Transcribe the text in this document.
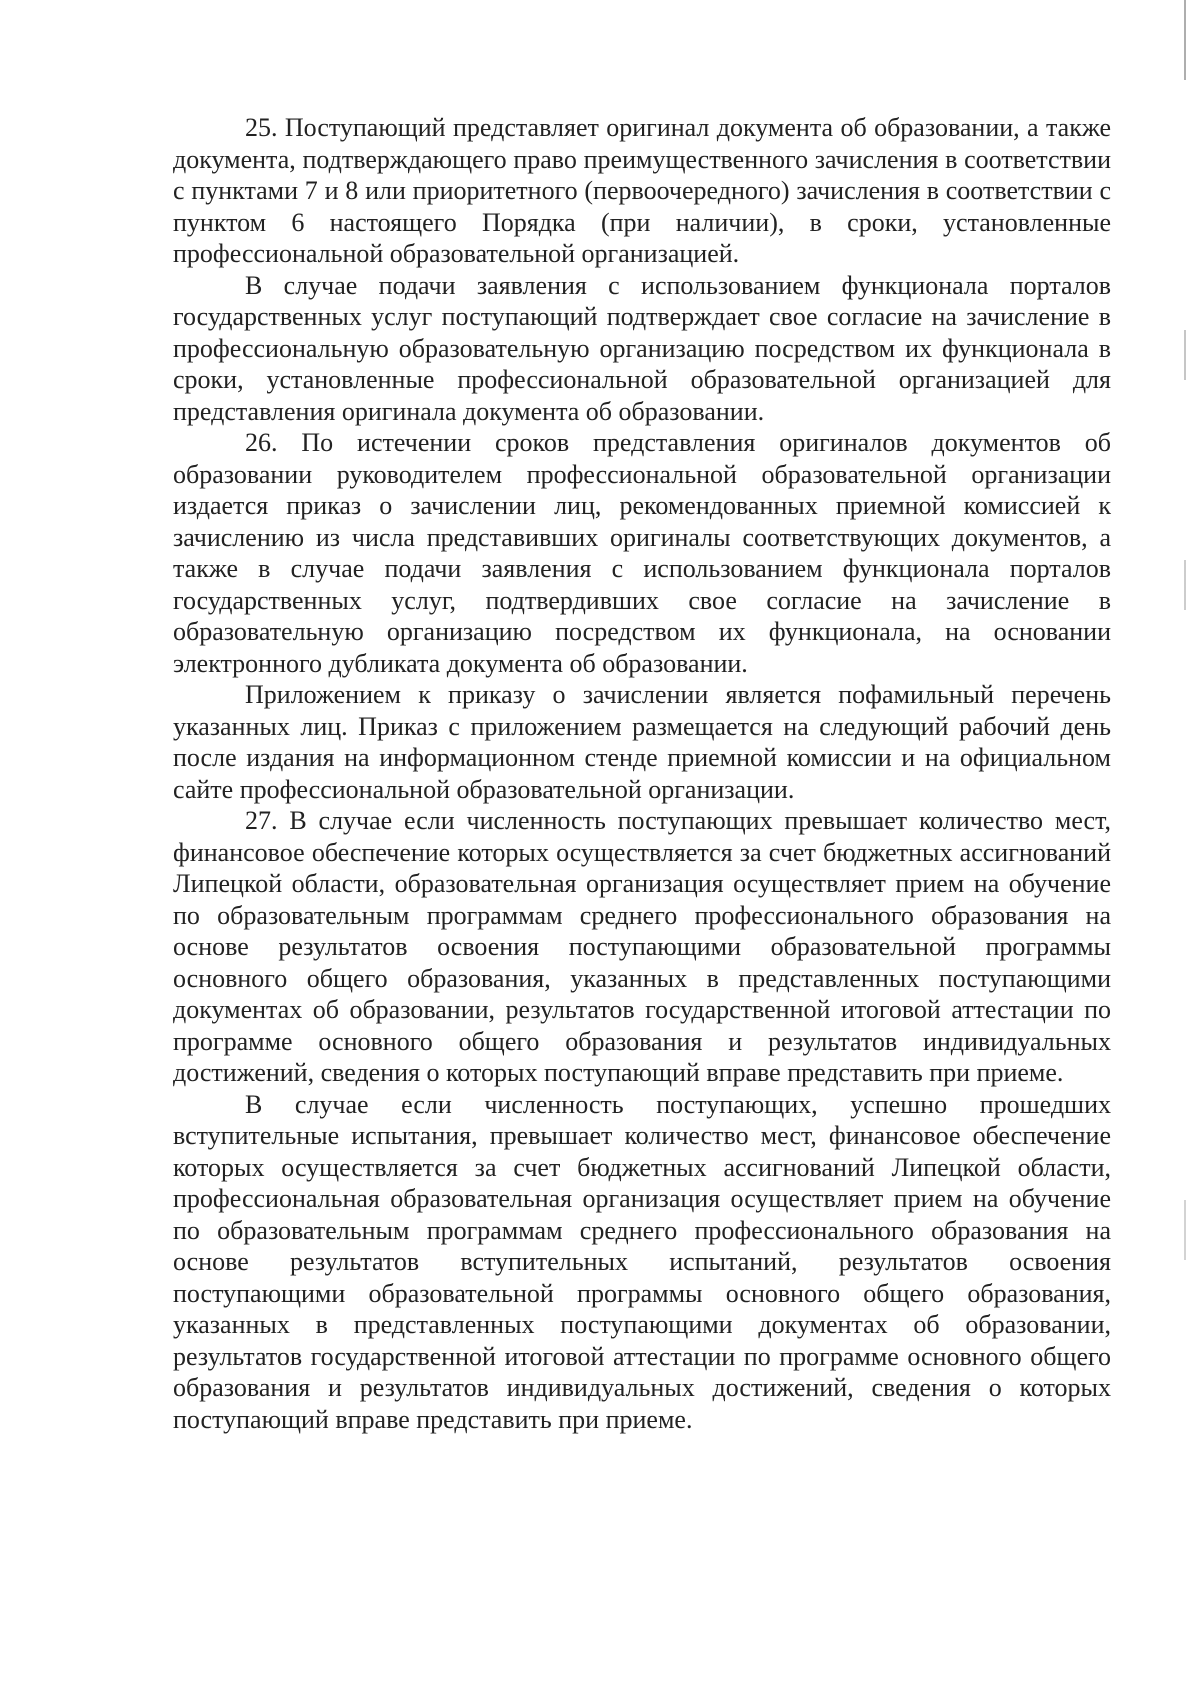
25. Поступающий представляет оригинал документа об образовании, а также документа, подтверждающего право преимущественного зачисления в соответствии с пунктами 7 и 8 или приоритетного (первоочередного) зачисления в соответствии с пунктом 6 настоящего Порядка (при наличии), в сроки, установленные профессиональной образовательной организацией.

В случае подачи заявления с использованием функционала порталов государственных услуг поступающий подтверждает свое согласие на зачисление в профессиональную образовательную организацию посредством их функционала в сроки, установленные профессиональной образовательной организацией для представления оригинала документа об образовании.

26. По истечении сроков представления оригиналов документов об образовании руководителем профессиональной образовательной организации издается приказ о зачислении лиц, рекомендованных приемной комиссией к зачислению из числа представивших оригиналы соответствующих документов, а также в случае подачи заявления с использованием функционала порталов государственных услуг, подтвердивших свое согласие на зачисление в образовательную организацию посредством их функционала, на основании электронного дубликата документа об образовании.

Приложением к приказу о зачислении является пофамильный перечень указанных лиц. Приказ с приложением размещается на следующий рабочий день после издания на информационном стенде приемной комиссии и на официальном сайте профессиональной образовательной организации.

27. В случае если численность поступающих превышает количество мест, финансовое обеспечение которых осуществляется за счет бюджетных ассигнований Липецкой области, образовательная организация осуществляет прием на обучение по образовательным программам среднего профессионального образования на основе результатов освоения поступающими образовательной программы основного общего образования, указанных в представленных поступающими документах об образовании, результатов государственной итоговой аттестации по программе основного общего образования и результатов индивидуальных достижений, сведения о которых поступающий вправе представить при приеме.

В случае если численность поступающих, успешно прошедших вступительные испытания, превышает количество мест, финансовое обеспечение которых осуществляется за счет бюджетных ассигнований Липецкой области, профессиональная образовательная организация осуществляет прием на обучение по образовательным программам среднего профессионального образования на основе результатов вступительных испытаний, результатов освоения поступающими образовательной программы основного общего образования, указанных в представленных поступающими документах об образовании, результатов государственной итоговой аттестации по программе основного общего образования и результатов индивидуальных достижений, сведения о которых поступающий вправе представить при приеме.
